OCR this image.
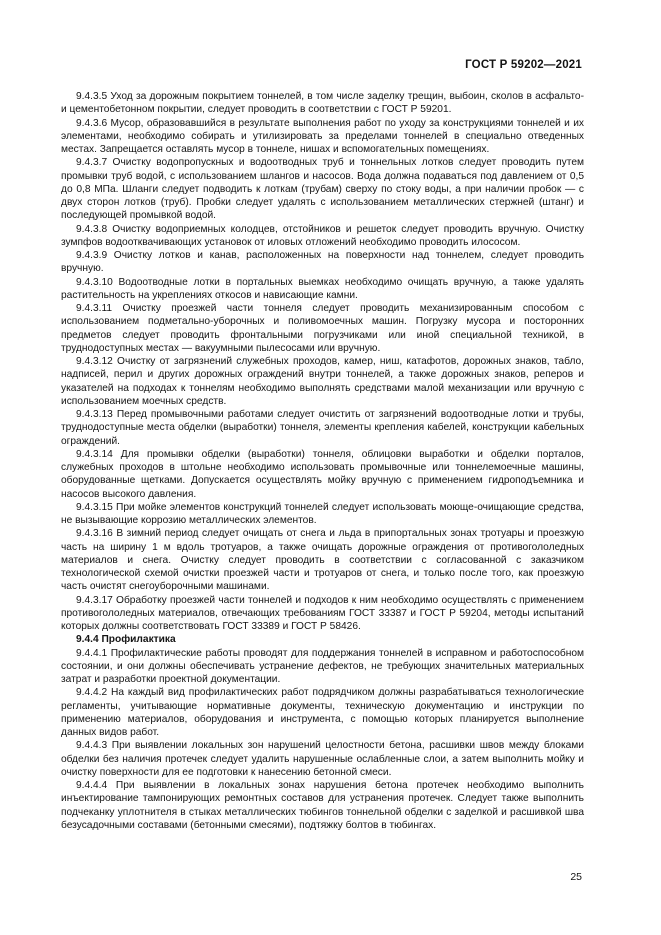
ГОСТ Р 59202—2021

9.4.3.5 Уход за дорожным покрытием тоннелей, в том числе заделку трещин, выбоин, сколов в асфальто- и цементобетонном покрытии, следует проводить в соответствии с ГОСТ Р 59201.

9.4.3.6 Мусор, образовавшийся в результате выполнения работ по уходу за конструкциями тоннелей и их элементами, необходимо собирать и утилизировать за пределами тоннелей в специально отведенных местах. Запрещается оставлять мусор в тоннеле, нишах и вспомогательных помещениях.

9.4.3.7 Очистку водопропускных и водоотводных труб и тоннельных лотков следует проводить путем промывки труб водой, с использованием шлангов и насосов. Вода должна подаваться под давлением от 0,5 до 0,8 МПа. Шланги следует подводить к лоткам (трубам) сверху по стоку воды, а при наличии пробок — с двух сторон лотков (труб). Пробки следует удалять с использованием металлических стержней (штанг) и последующей промывкой водой.

9.4.3.8 Очистку водоприемных колодцев, отстойников и решеток следует проводить вручную. Очистку зумпфов водоотквачивающих установок от иловых отложений необходимо проводить илососом.

9.4.3.9 Очистку лотков и канав, расположенных на поверхности над тоннелем, следует проводить вручную.

9.4.3.10 Водоотводные лотки в портальных выемках необходимо очищать вручную, а также удалять растительность на укреплениях откосов и нависающие камни.

9.4.3.11 Очистку проезжей части тоннеля следует проводить механизированным способом с использованием подметально-уборочных и поливомоечных машин. Погрузку мусора и посторонних предметов следует проводить фронтальными погрузчиками или иной специальной техникой, в труднодоступных местах — вакуумными пылесосами или вручную.

9.4.3.12 Очистку от загрязнений служебных проходов, камер, ниш, катафотов, дорожных знаков, табло, надписей, перил и других дорожных ограждений внутри тоннелей, а также дорожных знаков, реперов и указателей на подходах к тоннелям необходимо выполнять средствами малой механизации или вручную с использованием моечных средств.

9.4.3.13 Перед промывочными работами следует очистить от загрязнений водоотводные лотки и трубы, труднодоступные места обделки (выработки) тоннеля, элементы крепления кабелей, конструкции кабельных ограждений.

9.4.3.14 Для промывки обделки (выработки) тоннеля, облицовки выработки и обделки порталов, служебных проходов в штольне необходимо использовать промывочные или тоннелемоечные машины, оборудованные щетками. Допускается осуществлять мойку вручную с применением гидроподъемника и насосов высокого давления.

9.4.3.15 При мойке элементов конструкций тоннелей следует использовать моюще-очищающие средства, не вызывающие коррозию металлических элементов.

9.4.3.16 В зимний период следует очищать от снега и льда в припортальных зонах тротуары и проезжую часть на ширину 1 м вдоль тротуаров, а также очищать дорожные ограждения от противогололедных материалов и снега. Очистку следует проводить в соответствии с согласованной с заказчиком технологической схемой очистки проезжей части и тротуаров от снега, и только после того, как проезжую часть очистят снегоуборочными машинами.

9.4.3.17 Обработку проезжей части тоннелей и подходов к ним необходимо осуществлять с применением противогололедных материалов, отвечающих требованиям ГОСТ 33387 и ГОСТ Р 59204, методы испытаний которых должны соответствовать ГОСТ 33389 и ГОСТ Р 58426.

9.4.4 Профилактика

9.4.4.1 Профилактические работы проводят для поддержания тоннелей в исправном и работоспособном состоянии, и они должны обеспечивать устранение дефектов, не требующих значительных материальных затрат и разработки проектной документации.

9.4.4.2 На каждый вид профилактических работ подрядчиком должны разрабатываться технологические регламенты, учитывающие нормативные документы, техническую документацию и инструкции по применению материалов, оборудования и инструмента, с помощью которых планируется выполнение данных видов работ.

9.4.4.3 При выявлении локальных зон нарушений целостности бетона, расшивки швов между блоками обделки без наличия протечек следует удалить нарушенные ослабленные слои, а затем выполнить мойку и очистку поверхности для ее подготовки к нанесению бетонной смеси.

9.4.4.4 При выявлении в локальных зонах нарушения бетона протечек необходимо выполнить инъектирование тампонирующих ремонтных составов для устранения протечек. Следует также выполнить подчеканку уплотнителя в стыках металлических тюбингов тоннельной обделки с заделкой и расшивкой шва безусадочными составами (бетонными смесями), подтяжку болтов в тюбингах.

25
